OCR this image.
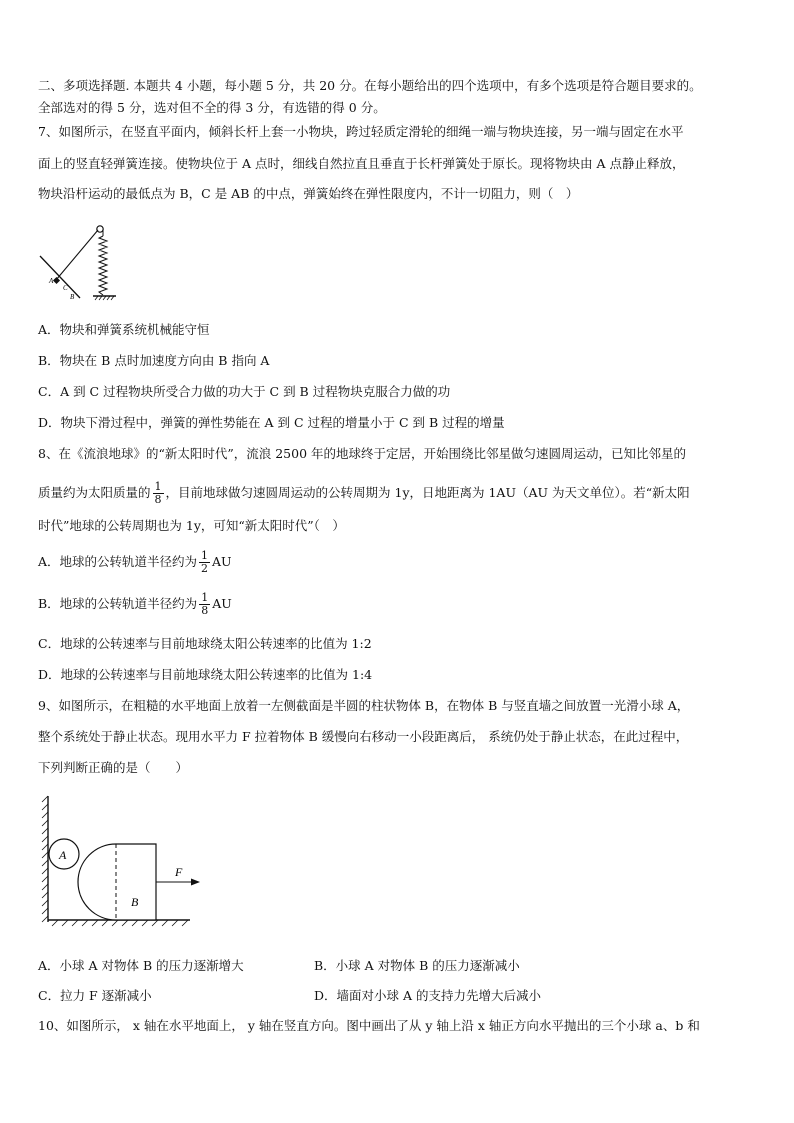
二、多项选择题. 本题共 4 小题，每小题 5 分，共 20 分。在每小题给出的四个选项中，有多个选项是符合题目要求的。
全部选对的得 5 分，选对但不全的得 3 分，有选错的得 0 分。
7、如图所示，在竖直平面内，倾斜长杆上套一小物块，跨过轻质定滑轮的细绳一端与物块连接，另一端与固定在水平
面上的竖直轻弹簧连接。使物块位于 A 点时，细线自然拉直且垂直于长杆弹簧处于原长。现将物块由 A 点静止释放，
物块沿杆运动的最低点为 B，C 是 AB 的中点，弹簧始终在弹性限度内，不计一切阻力，则（　）
A
C
B
A．物块和弹簧系统机械能守恒
B．物块在 B 点时加速度方向由 B 指向 A
C．A 到 C 过程物块所受合力做的功大于 C 到 B 过程物块克服合力做的功
D．物块下滑过程中，弹簧的弹性势能在 A 到 C 过程的增量小于 C 到 B 过程的增量
8、在《流浪地球》的“新太阳时代”，流浪 2500 年的地球终于定居，开始围绕比邻星做匀速圆周运动，已知比邻星的
质量约为太阳质量的 $\frac{1}{8}$ ，目前地球做匀速圆周运动的公转周期为 1y，日地距离为 1AU（AU 为天文单位）。若“新太阳
时代”地球的公转周期也为 1y，可知“新太阳时代”（　）
A．地球的公转轨道半径约为 $\frac{1}{2}$ AU
B．地球的公转轨道半径约为 $\frac{1}{8}$ AU
C．地球的公转速率与目前地球绕太阳公转速率的比值为 1:2
D．地球的公转速率与目前地球绕太阳公转速率的比值为 1:4
9、如图所示，在粗糙的水平地面上放着一左侧截面是半圆的柱状物体 B，在物体 B 与竖直墙之间放置一光滑小球 A，
整个系统处于静止状态。现用水平力 F 拉着物体 B 缓慢向右移动一小段距离后， 系统仍处于静止状态，在此过程中，
下列判断正确的是（　　）
A
B
F
A．小球 A 对物体 B 的压力逐渐增大	B．小球 A 对物体 B 的压力逐渐减小
C．拉力 F 逐渐减小	D．墙面对小球 A 的支持力先增大后减小
10、如图所示， x 轴在水平地面上， y 轴在竖直方向。图中画出了从 y 轴上沿 x 轴正方向水平抛出的三个小球 a、b 和
